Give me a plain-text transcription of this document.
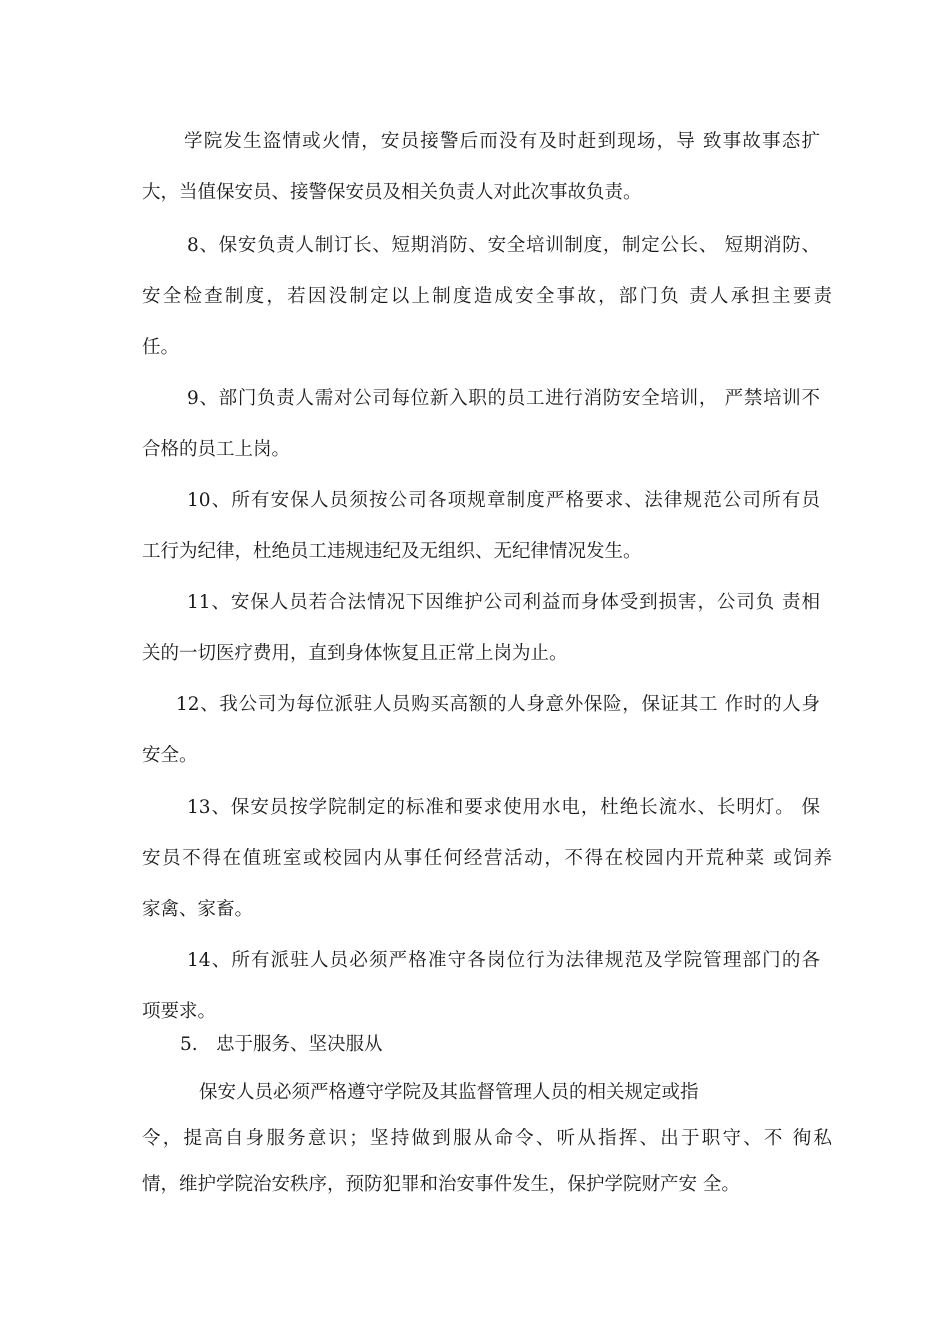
学院发生盗情或火情，安员接警后而没有及时赶到现场，导 致事故事态扩
大，当值保安员、接警保安员及相关负责人对此次事故负责。
8、保安负责人制订长、短期消防、安全培训制度，制定公长、 短期消防、
安全检查制度，若因没制定以上制度造成安全事故，部门负 责人承担主要责
任。
9、部门负责人需对公司每位新入职的员工进行消防安全培训， 严禁培训不
合格的员工上岗。
10、所有安保人员须按公司各项规章制度严格要求、法律规范公司所有员
工行为纪律，杜绝员工违规违纪及无组织、无纪律情况发生。
11、安保人员若合法情况下因维护公司利益而身体受到损害，公司负 责相
关的一切医疗费用，直到身体恢复且正常上岗为止。
12、我公司为每位派驻人员购买高额的人身意外保险，保证其工 作时的人身
安全。
13、保安员按学院制定的标准和要求使用水电，杜绝长流水、长明灯。 保
安员不得在值班室或校园内从事任何经营活动，不得在校园内开荒种菜 或饲养
家禽、家畜。
14、所有派驻人员必须严格准守各岗位行为法律规范及学院管理部门的各
项要求。
5. 忠于服务、坚决服从
保安人员必须严格遵守学院及其监督管理人员的相关规定或指
令，提高自身服务意识；坚持做到服从命令、听从指挥、出于职守、不 徇私
情，维护学院治安秩序，预防犯罪和治安事件发生，保护学院财产安 全。
